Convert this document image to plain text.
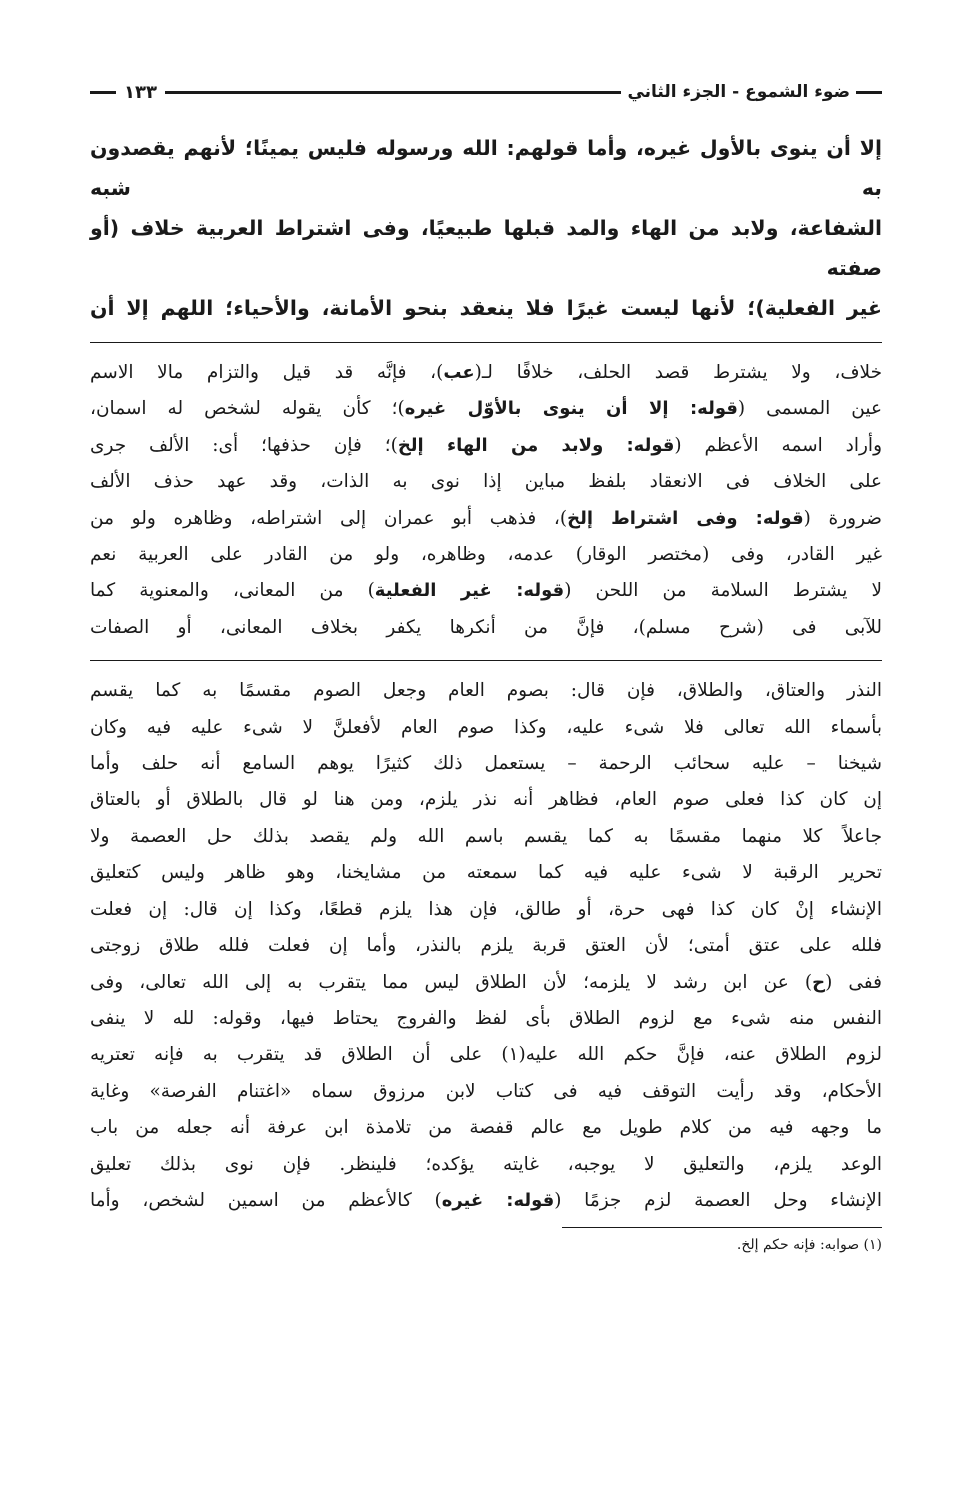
ضوء الشموع - الجزء الثاني
١٣٣

إلا أن ينوى بالأول غيره، وأما قولهم: الله ورسوله فليس يمينًا؛ لأنهم يقصدون به شبه

الشفاعة، ولابد من الهاء والمد قبلها طبيعيًا، وفى اشتراط العربية خلاف (أو صفته

غير الفعلية)؛ لأنها ليست غيرًا فلا ينعقد بنحو الأمانة، والأحياء؛ اللهم إلا أن

خلاف، ولا يشترط قصد الحلف، خلافًا لـ(عب)، فإنَّه قد قيل والتزام مالا الاسم

عين المسمى (قوله: إلا أن ينوى بالأوّل غيره)؛ كأن يقوله لشخص له اسمان،

وأراد اسمه الأعظم (قوله: ولابد من الهاء إلخ)؛ فإن حذفها؛ أى: الألف جرى

على الخلاف فى الانعقاد بلفظ مباين إذا نوى به الذات، وقد عهد حذف الألف

ضرورة (قوله: وفى اشتراط إلخ)، فذهب أبو عمران إلى اشتراطه، وظاهره ولو من

غير القادر، وفى (مختصر الوقار) عدمه، وظاهره، ولو من القادر على العربية نعم

لا يشترط السلامة من اللحن (قوله: غير الفعلية) من المعانى، والمعنوية كما

للآبى فى (شرح مسلم)، فإنَّ من أنكرها يكفر بخلاف المعانى، أو الصفات

النذر والعتاق، والطلاق، فإن قال: بصوم العام وجعل الصوم مقسمًا به كما يقسم

بأسماء الله تعالى فلا شىء عليه، وكذا صوم العام لأفعلنَّ لا شىء عليه فيه وكان

شيخنا – عليه سحائب الرحمة – يستعمل ذلك كثيرًا يوهم السامع أنه حلف وأما

إن كان كذا فعلى صوم العام، فظاهر أنه نذر يلزم، ومن هنا لو قال بالطلاق أو بالعتاق

جاعلاً كلا منهما مقسمًا به كما يقسم باسم الله ولم يقصد بذلك حل العصمة ولا

تحرير الرقبة لا شىء عليه فيه كما سمعته من مشايخنا، وهو ظاهر وليس كتعليق

الإنشاء إنْ كان كذا فهى حرة، أو طالق، فإن هذا يلزم قطعًا، وكذا إن قال: إن فعلت

فلله على عتق أمتى؛ لأن العتق قربة يلزم بالنذر، وأما إن فعلت فلله طلاق زوجتى

ففى (ح) عن ابن رشد لا يلزمه؛ لأن الطلاق ليس مما يتقرب به إلى الله تعالى، وفى

النفس منه شىء مع لزوم الطلاق بأى لفظ والفروج يحتاط فيها، وقوله: لله لا ينفى

لزوم الطلاق عنه، فإنَّ حكم الله عليه(١) على أن الطلاق قد يتقرب به فإنه تعتريه

الأحكام، وقد رأيت التوقف فيه فى كتاب لابن مرزوق سماه «اغتنام الفرصة» وغاية

ما وجهه فيه من كلام طويل مع عالم قفصة من تلامذة ابن عرفة أنه جعله من باب

الوعد يلزم، والتعليق لا يوجبه، غايته يؤكده؛ فلينظر. فإن نوى بذلك تعليق

الإنشاء وحل العصمة لزم جزمًا (قوله: غيره) كالأعظم من اسمين لشخص، وأما

(١) صوابه: فإنه حكم إلخ.
